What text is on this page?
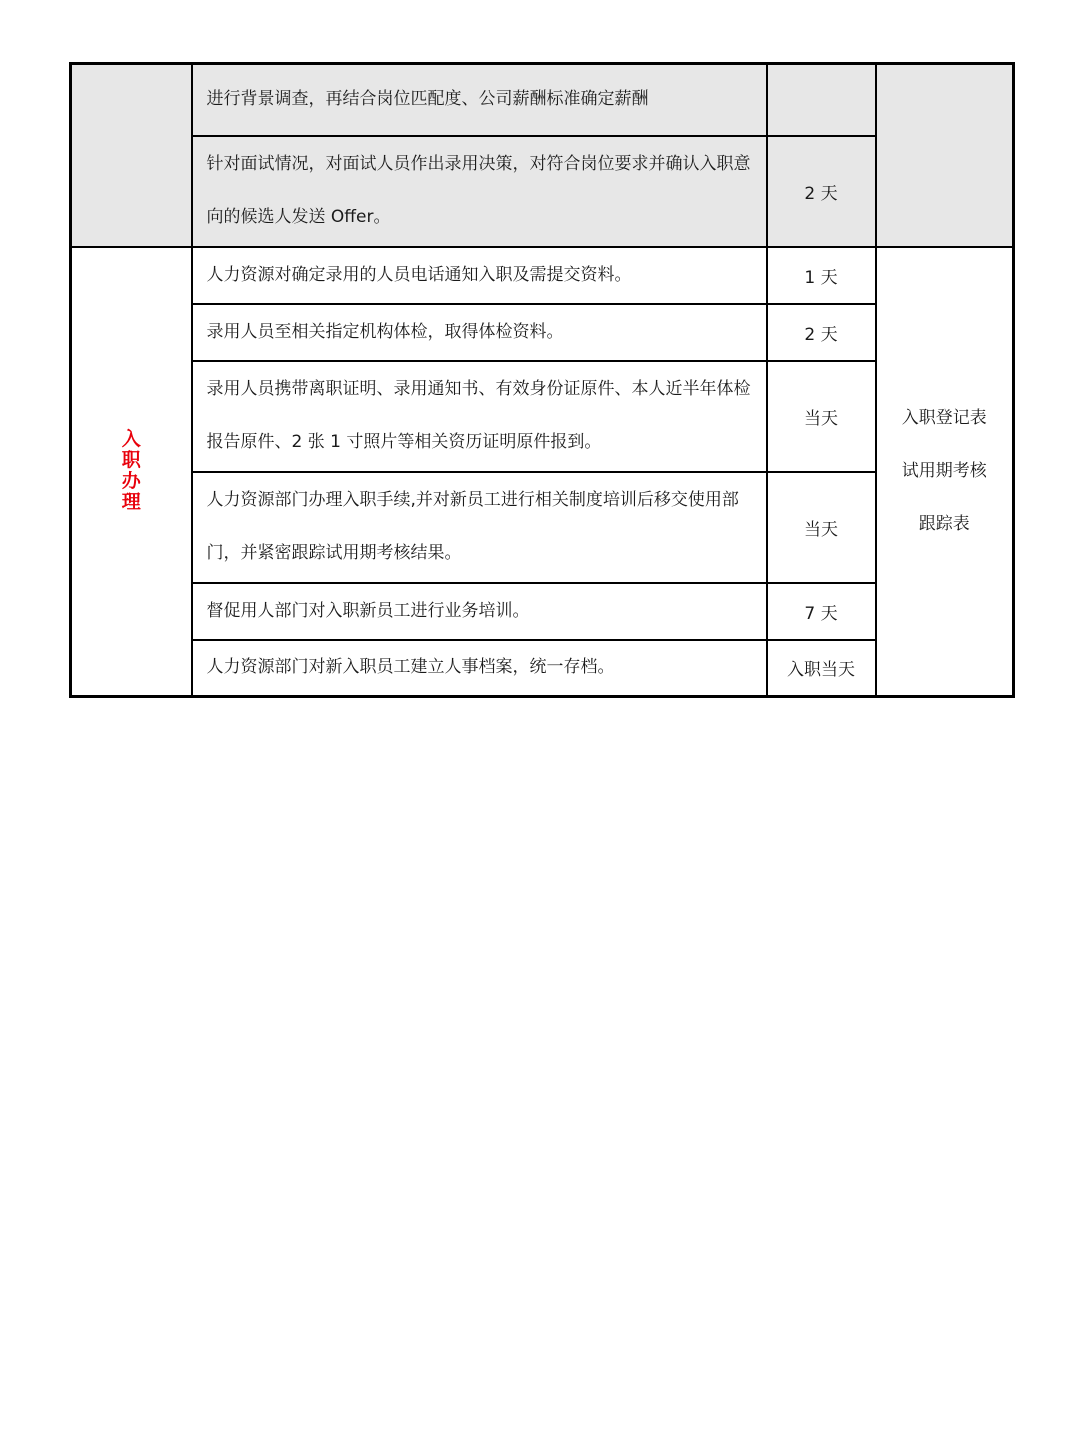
	进行背景调查，再结合岗位匹配度、公司薪酬标准确定薪酬		
	针对面试情况，对面试人员作出录用决策，对符合岗位要求并确认入职意向的候选人发送 Offer。	2 天	
入职办理	人力资源对确定录用的人员电话通知入职及需提交资料。	1 天	入职登记表
试用期考核
跟踪表

	录用人员至相关指定机构体检，取得体检资料。	2 天	
	录用人员携带离职证明、录用通知书、有效身份证原件、本人近半年体检报告原件、2 张 1 寸照片等相关资历证明原件报到。	当天	
	人力资源部门办理入职手续,并对新员工进行相关制度培训后移交使用部门，并紧密跟踪试用期考核结果。	当天	
	督促用人部门对入职新员工进行业务培训。	7 天	
	人力资源部门对新入职员工建立人事档案，统一存档。	入职当天	
